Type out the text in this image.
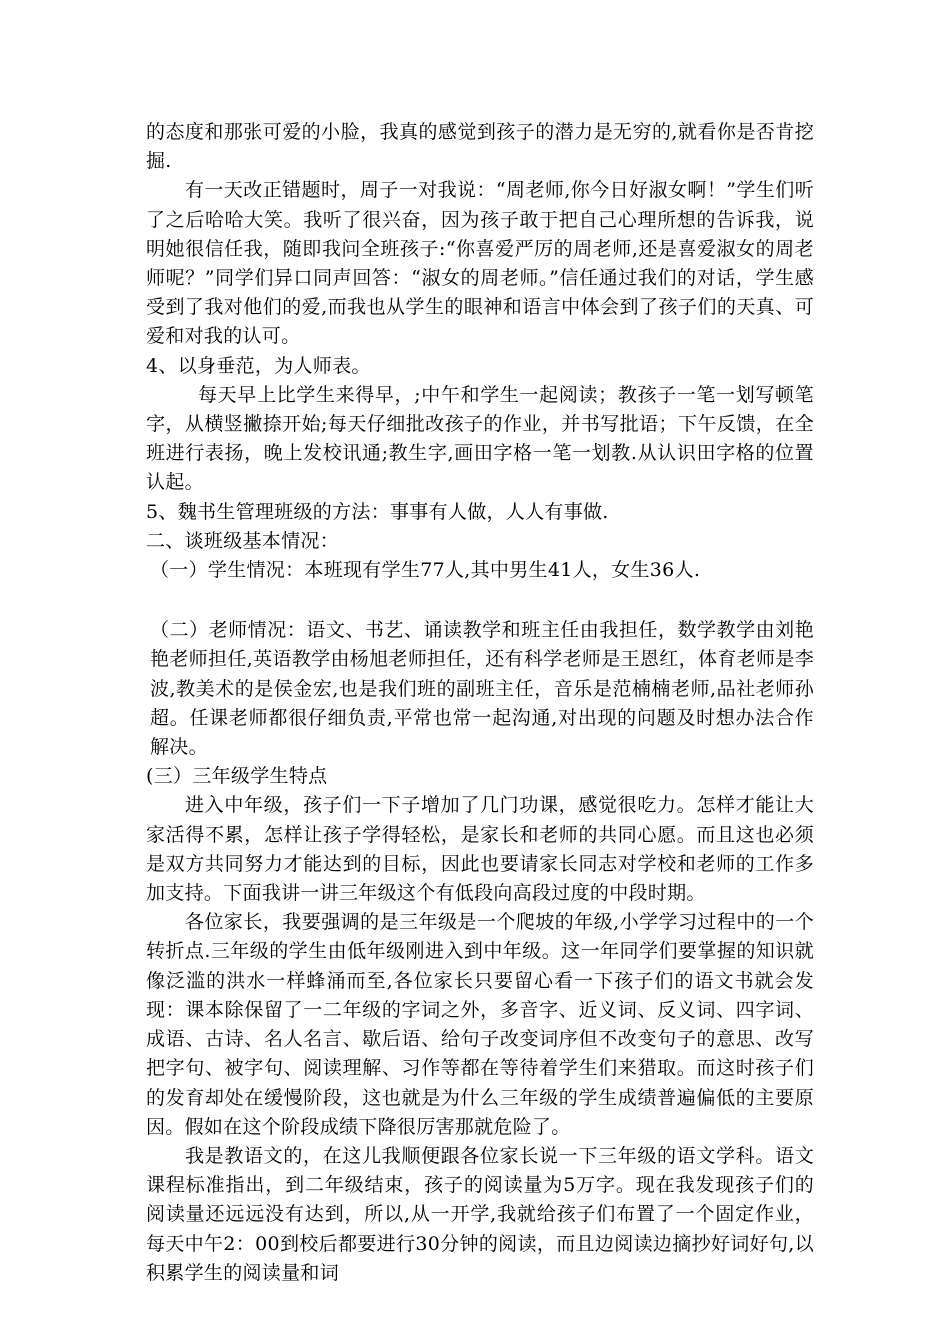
的态度和那张可爱的小脸，我真的感觉到孩子的潜力是无穷的,就看你是否肯挖掘.

有一天改正错题时，周子一对我说：“周老师,你今日好淑女啊！”学生们听了之后哈哈大笑。我听了很兴奋，因为孩子敢于把自己心理所想的告诉我，说明她很信任我，随即我问全班孩子:“你喜爱严厉的周老师,还是喜爱淑女的周老师呢？”同学们异口同声回答：“淑女的周老师。”信任通过我们的对话，学生感受到了我对他们的爱,而我也从学生的眼神和语言中体会到了孩子们的天真、可爱和对我的认可。

4、以身垂范，为人师表。

每天早上比学生来得早，;中午和学生一起阅读；教孩子一笔一划写顿笔字，从横竖撇捺开始;每天仔细批改孩子的作业，并书写批语；下午反馈，在全班进行表扬，晚上发校讯通;教生字,画田字格一笔一划教.从认识田字格的位置认起。

5、魏书生管理班级的方法：事事有人做，人人有事做.

二、谈班级基本情况：

（一）学生情况：本班现有学生77人,其中男生41人，女生36人.

（二）老师情况：语文、书艺、诵读教学和班主任由我担任，数学教学由刘艳艳老师担任,英语教学由杨旭老师担任，还有科学老师是王恩红，体育老师是李波,教美术的是侯金宏,也是我们班的副班主任，音乐是范楠楠老师,品社老师孙超。任课老师都很仔细负责,平常也常一起沟通,对出现的问题及时想办法合作解决。

(三）三年级学生特点

进入中年级，孩子们一下子增加了几门功课，感觉很吃力。怎样才能让大家活得不累，怎样让孩子学得轻松，是家长和老师的共同心愿。而且这也必须是双方共同努力才能达到的目标，因此也要请家长同志对学校和老师的工作多加支持。下面我讲一讲三年级这个有低段向高段过度的中段时期。

各位家长，我要强调的是三年级是一个爬坡的年级,小学学习过程中的一个转折点.三年级的学生由低年级刚进入到中年级。这一年同学们要掌握的知识就像泛滥的洪水一样蜂涌而至,各位家长只要留心看一下孩子们的语文书就会发现：课本除保留了一二年级的字词之外，多音字、近义词、反义词、四字词、成语、古诗、名人名言、歇后语、给句子改变词序但不改变句子的意思、改写把字句、被字句、阅读理解、习作等都在等待着学生们来猎取。而这时孩子们的发育却处在缓慢阶段，这也就是为什么三年级的学生成绩普遍偏低的主要原因。假如在这个阶段成绩下降很厉害那就危险了。

我是教语文的，在这儿我顺便跟各位家长说一下三年级的语文学科。语文课程标准指出，到二年级结束，孩子的阅读量为5万字。现在我发现孩子们的阅读量还远远没有达到，所以,从一开学,我就给孩子们布置了一个固定作业，每天中午2：00到校后都要进行30分钟的阅读，而且边阅读边摘抄好词好句,以积累学生的阅读量和词
